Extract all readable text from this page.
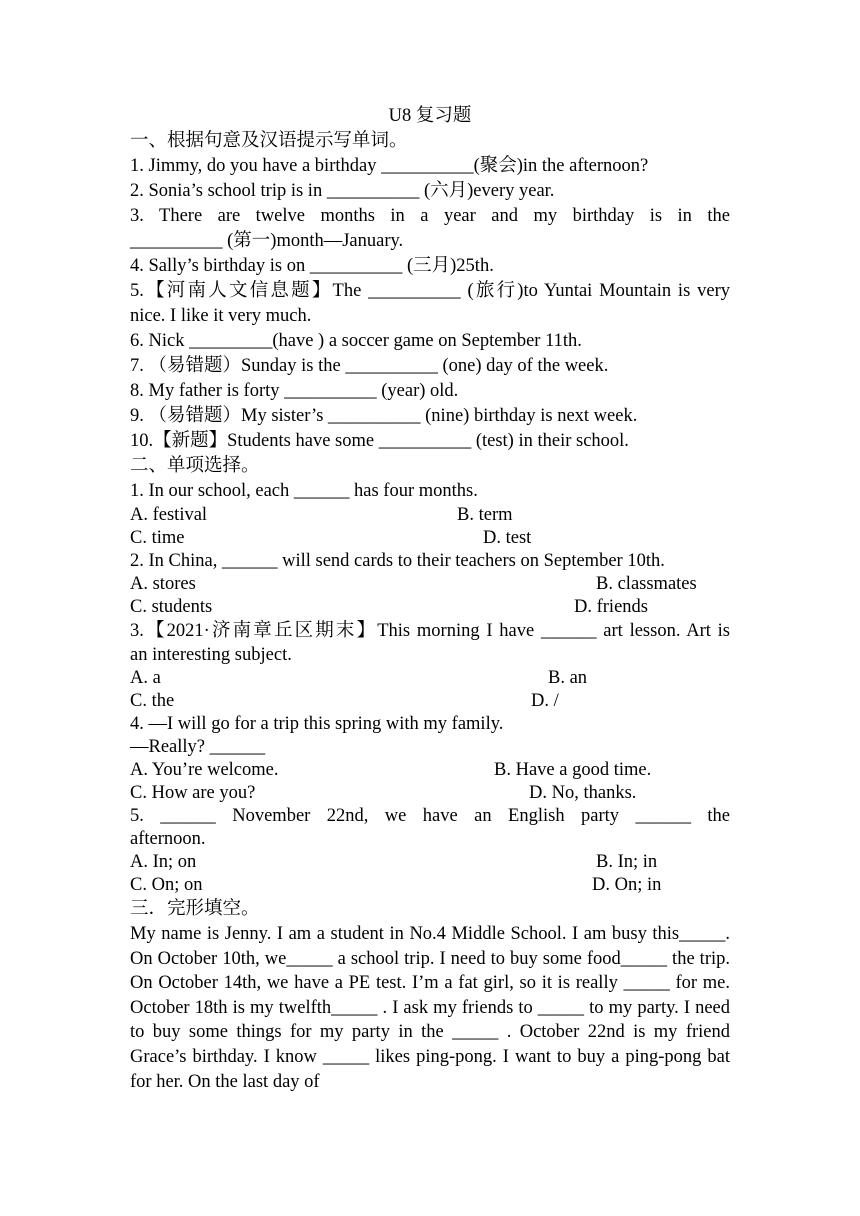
U8 复习题
一、根据句意及汉语提示写单词。
1. Jimmy, do you have a birthday __________(聚会)in the afternoon?
2. Sonia’s school trip is in __________ (六月)every year.
3. There are twelve months in a year and my birthday is in the
__________ (第一)month—January.
4. Sally’s birthday is on __________ (三月)25th.
5.【河南人文信息题】The __________ (旅行)to Yuntai Mountain is very
nice. I like it very much.
6. Nick _________(have ) a soccer game on September 11th.
7. （易错题）Sunday is the __________ (one) day of the week.
8. My father is forty __________ (year) old.
9. （易错题）My sister’s __________ (nine) birthday is next week.
10.【新题】Students have some __________ (test) in their school.
二、单项选择。
1. In our school, each ______ has four months.
A. festival	B. term
C. time	D. test
2. In China, ______ will send cards to their teachers on September 10th.
A. stores	B. classmates
C. students	D. friends
3.【2021·济南章丘区期末】This morning I have ______ art lesson. Art is
an interesting subject.
A. a	B. an
C. the	D. /
4. —I will go for a trip this spring with my family.
—Really? ______
A. You’re welcome.	B. Have a good time.
C. How are you?	D. No, thanks.
5. ______ November 22nd, we have an English party ______ the
afternoon.
A. In; on	B. In; in
C. On; on	D. On; in
三．完形填空。
My name is Jenny. I am a student in No.4 Middle School. I am busy this_____. On October 10th, we_____ a school trip. I need to buy some food_____ the trip. On October 14th, we have a PE test. I’m a fat girl, so it is really _____ for me. October 18th is my twelfth_____ . I ask my friends to _____ to my party. I need to buy some things for my party in the _____ . October 22nd is my friend Grace’s birthday. I know _____ likes ping-pong. I want to buy a ping-pong bat for her. On the last day of
